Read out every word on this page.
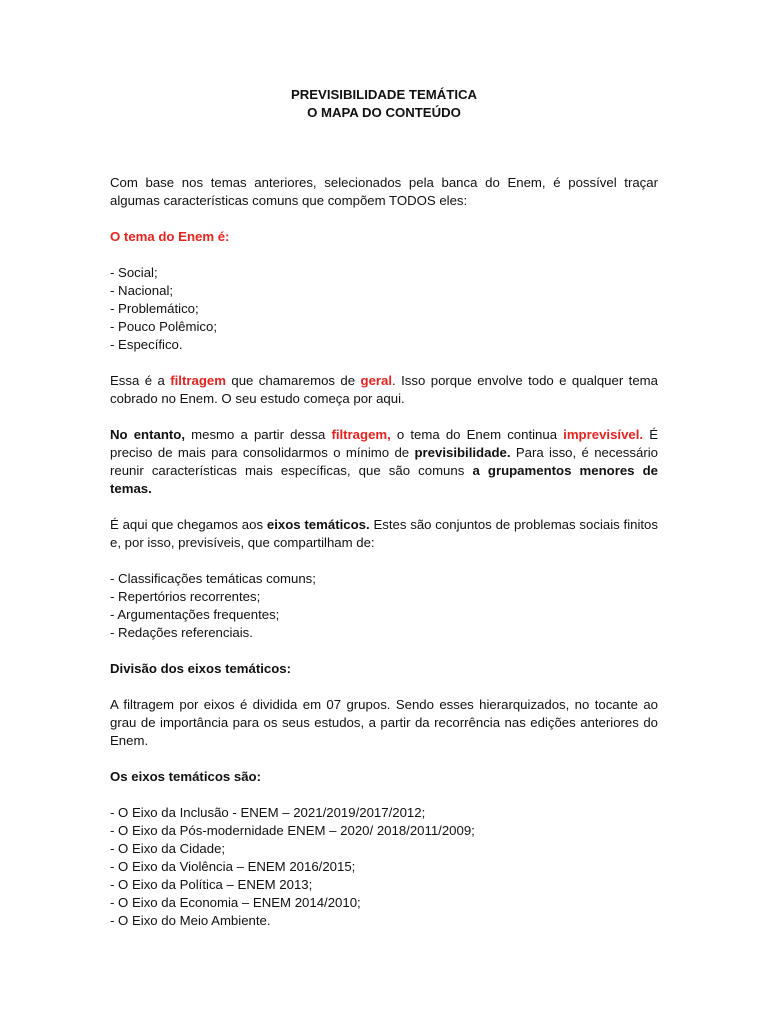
PREVISIBILIDADE TEMÁTICA

O MAPA DO CONTEÚDO

Com base nos temas anteriores, selecionados pela banca do Enem, é possível traçar algumas características comuns que compõem TODOS eles:

O tema do Enem é:

- Social;

- Nacional;

- Problemático;

- Pouco Polêmico;

- Específico.

Essa é a filtragem que chamaremos de geral. Isso porque envolve todo e qualquer tema cobrado no Enem. O seu estudo começa por aqui.

No entanto, mesmo a partir dessa filtragem, o tema do Enem continua imprevisível. É preciso de mais para consolidarmos o mínimo de previsibilidade. Para isso, é necessário reunir características mais específicas, que são comuns a grupamentos menores de temas.

É aqui que chegamos aos eixos temáticos. Estes são conjuntos de problemas sociais finitos e, por isso, previsíveis, que compartilham de:

- Classificações temáticas comuns;

- Repertórios recorrentes;

- Argumentações frequentes;

- Redações referenciais.

Divisão dos eixos temáticos:

A filtragem por eixos é dividida em 07 grupos. Sendo esses hierarquizados, no tocante ao grau de importância para os seus estudos, a partir da recorrência nas edições anteriores do Enem.

Os eixos temáticos são:

- O Eixo da Inclusão - ENEM – 2021/2019/2017/2012;

- O Eixo da Pós-modernidade ENEM – 2020/ 2018/2011/2009;

- O Eixo da Cidade;

- O Eixo da Violência – ENEM 2016/2015;

- O Eixo da Política – ENEM 2013;

- O Eixo da Economia – ENEM 2014/2010;

- O Eixo do Meio Ambiente.
